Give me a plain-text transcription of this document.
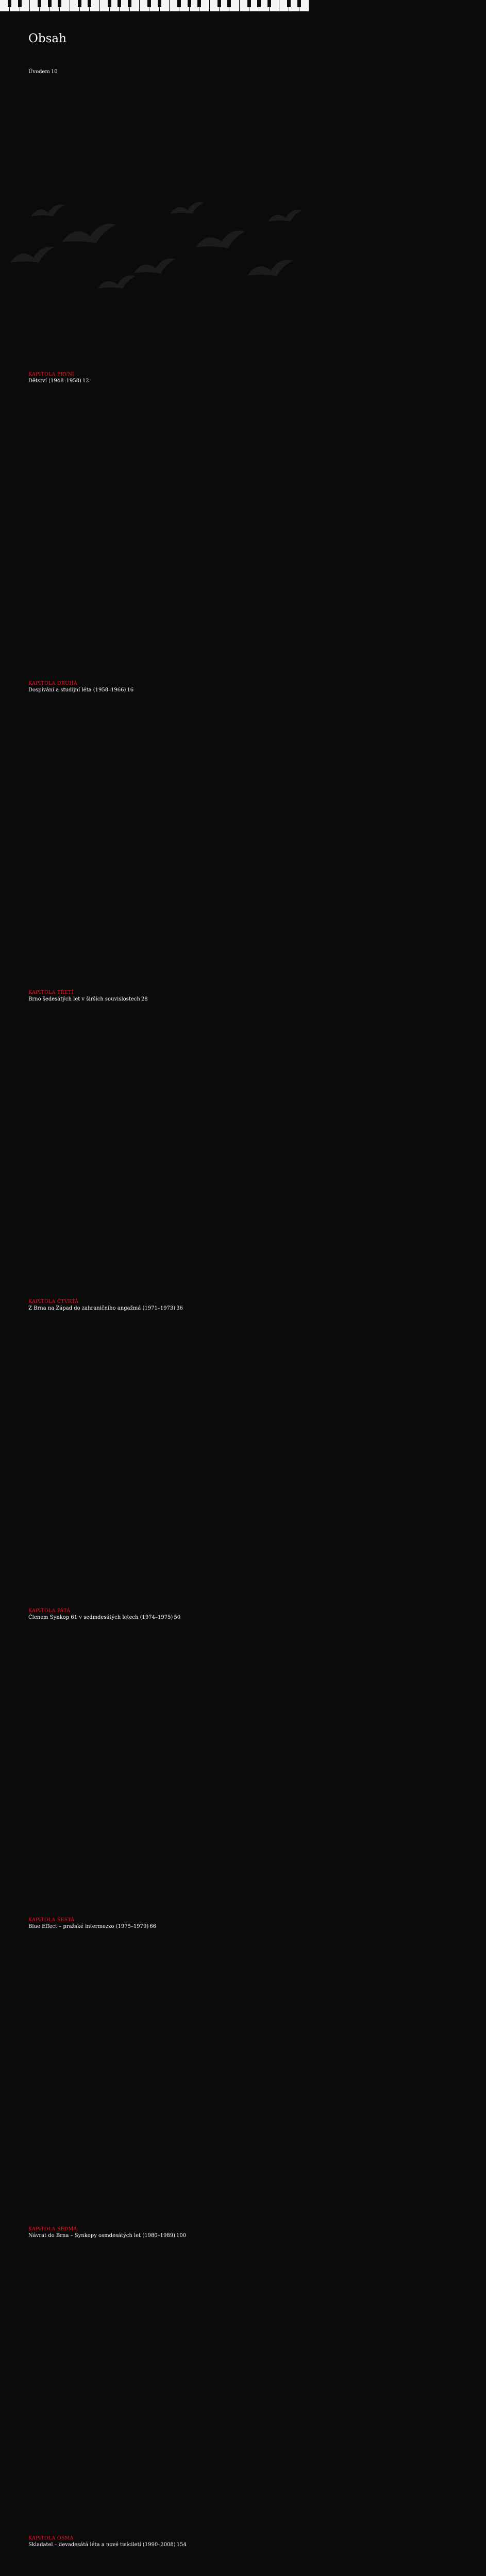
Obsah
Úvodem 10
KAPITOLA PRVNÍ
Dětství (1948–1958) 12
KAPITOLA DRUHÁ
Dospívání a studijní léta (1958–1966) 16
KAPITOLA TŘETÍ
Brno šedesátých let v širších souvislostech 28
KAPITOLA ČTVRTÁ
Z Brna na Západ do zahraničního angažmá (1971–1973) 36
KAPITOLA PÁTÁ
Členem Synkop 61 v sedmdesátých letech (1974–1975) 50
KAPITOLA ŠESTÁ
Blue Effect – pražské intermezzo (1975–1979) 66
KAPITOLA SEDMÁ
Návrat do Brna – Synkopy osmdesátých let (1980–1989) 100
KAPITOLA OSMÁ
Skladatel – devadesátá léta a nové tisíciletí (1990–2008) 154
